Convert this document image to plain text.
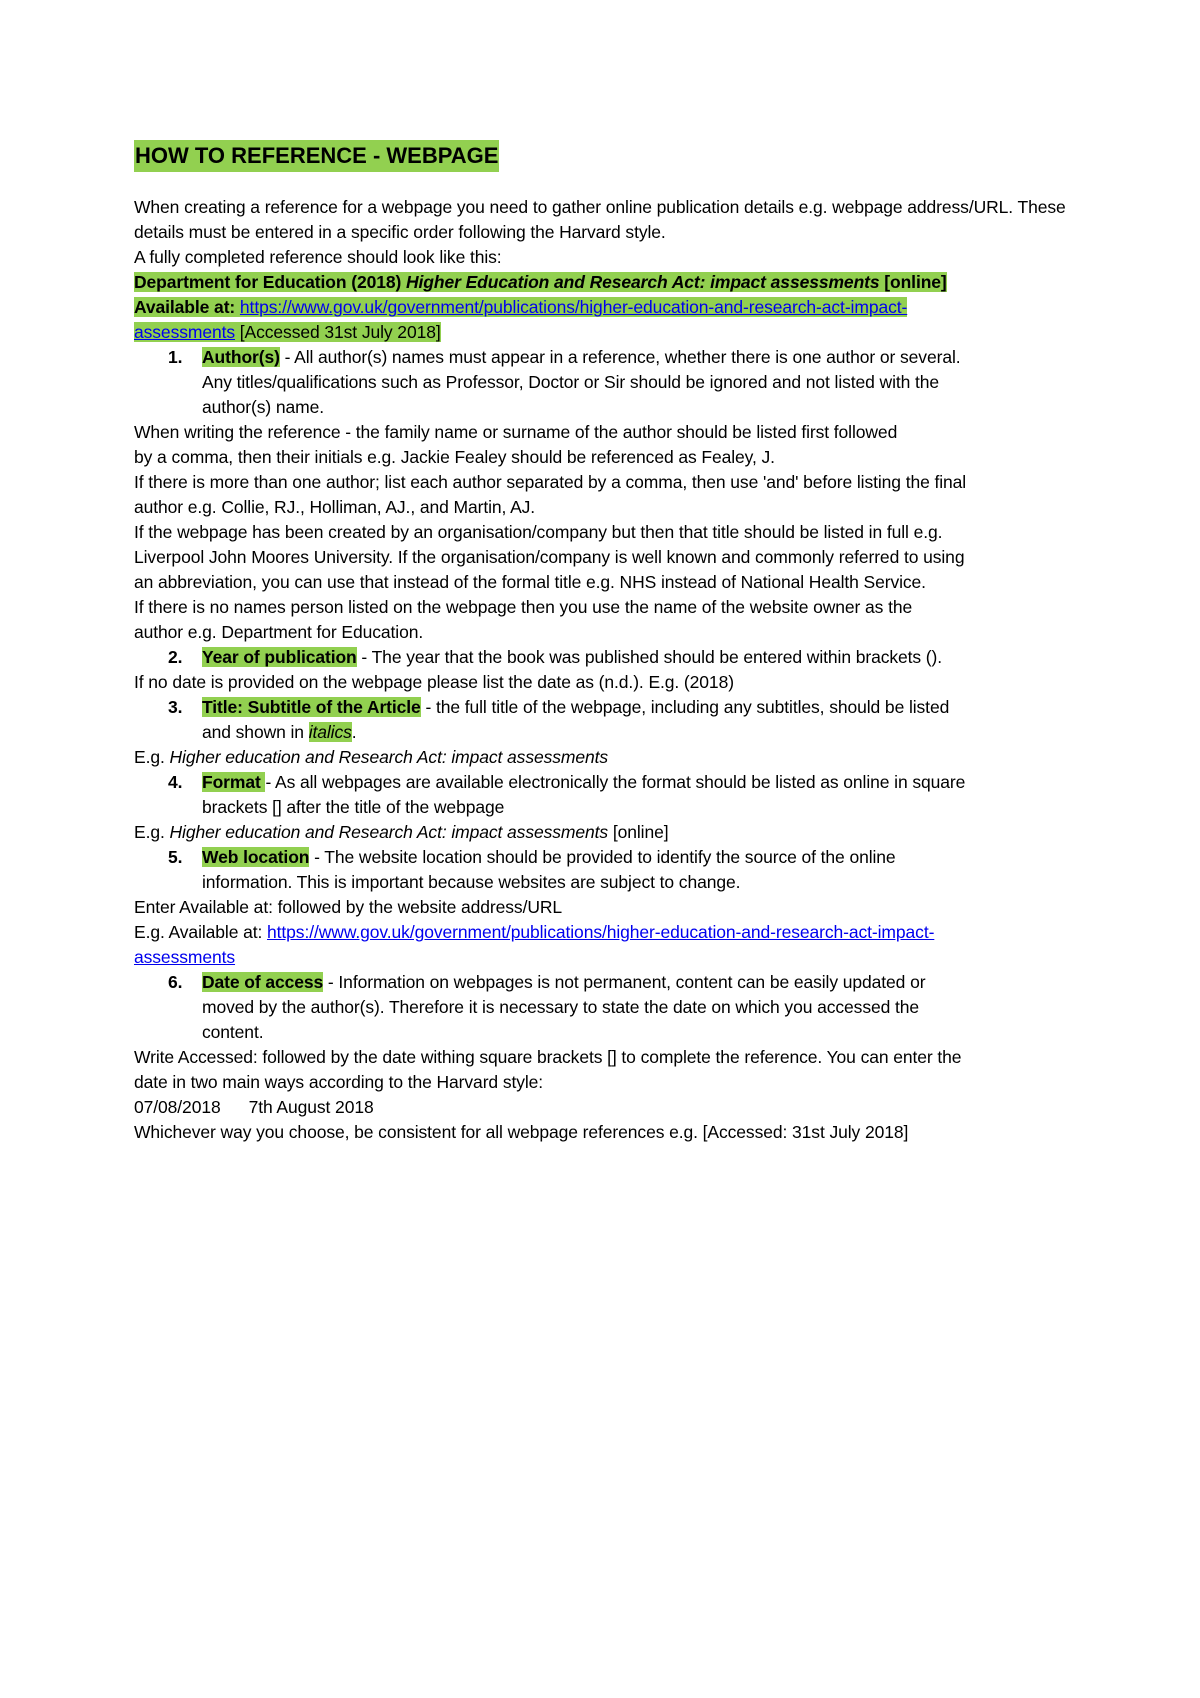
HOW TO REFERENCE - WEBPAGE

When creating a reference for a webpage you need to gather online publication details e.g. webpage address/URL. These details must be entered in a specific order following the Harvard style.

A fully completed reference should look like this:

Department for Education (2018) Higher Education and Research Act: impact assessments [online] Available at: https://www.gov.uk/government/publications/higher-education-and-research-act-impact-assessments [Accessed 31st July 2018]
1. Author(s) - All author(s) names must appear in a reference, whether there is one author or several. Any titles/qualifications such as Professor, Doctor or Sir should be ignored and not listed with the author(s) name.

When writing the reference - the family name or surname of the author should be listed first followed by a comma, then their initials e.g. Jackie Fealey should be referenced as Fealey, J.

If there is more than one author; list each author separated by a comma, then use 'and' before listing the final author e.g. Collie, RJ., Holliman, AJ., and Martin, AJ.

If the webpage has been created by an organisation/company but then that title should be listed in full e.g. Liverpool John Moores University. If the organisation/company is well known and commonly referred to using an abbreviation, you can use that instead of the formal title e.g. NHS instead of National Health Service.

If there is no names person listed on the webpage then you use the name of the website owner as the author e.g. Department for Education.

2. Year of publication - The year that the book was published should be entered within brackets ().

If no date is provided on the webpage please list the date as (n.d.). E.g. (2018)

3. Title: Subtitle of the Article - the full title of the webpage, including any subtitles, should be listed and shown in italics.

E.g. Higher education and Research Act: impact assessments

4. Format - As all webpages are available electronically the format should be listed as online in square brackets [] after the title of the webpage

E.g. Higher education and Research Act: impact assessments [online]

5. Web location - The website location should be provided to identify the source of the online information. This is important because websites are subject to change.

Enter Available at: followed by the website address/URL

E.g. Available at: https://www.gov.uk/government/publications/higher-education-and-research-act-impact-assessments

6. Date of access - Information on webpages is not permanent, content can be easily updated or moved by the author(s). Therefore it is necessary to state the date on which you accessed the content.

Write Accessed: followed by the date withing square brackets [] to complete the reference. You can enter the date in two main ways according to the Harvard style:

07/08/2018 7th August 2018

Whichever way you choose, be consistent for all webpage references e.g. [Accessed: 31st July 2018]
